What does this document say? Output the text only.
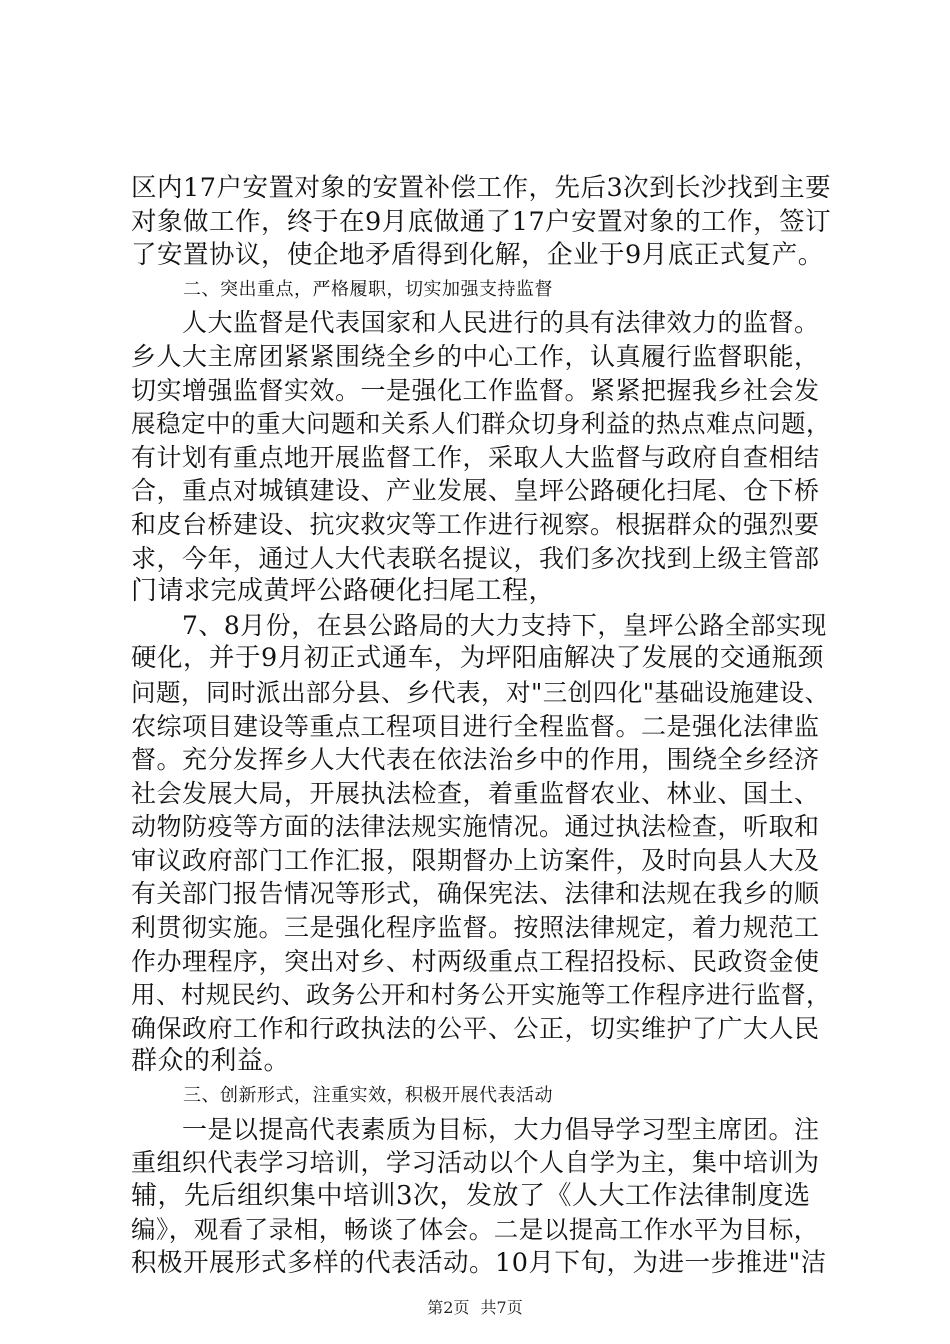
区内17户安置对象的安置补偿工作，先后3次到长沙找到主要
对象做工作，终于在9月底做通了17户安置对象的工作，签订
了安置协议，使企地矛盾得到化解，企业于9月底正式复产。
二、突出重点，严格履职，切实加强支持监督
　　人大监督是代表国家和人民进行的具有法律效力的监督。
乡人大主席团紧紧围绕全乡的中心工作，认真履行监督职能，
切实增强监督实效。一是强化工作监督。紧紧把握我乡社会发
展稳定中的重大问题和关系人们群众切身利益的热点难点问题，
有计划有重点地开展监督工作，采取人大监督与政府自查相结
合，重点对城镇建设、产业发展、皇坪公路硬化扫尾、仓下桥
和皮台桥建设、抗灾救灾等工作进行视察。根据群众的强烈要
求，今年，通过人大代表联名提议，我们多次找到上级主管部
门请求完成黄坪公路硬化扫尾工程，
　　7、8月份，在县公路局的大力支持下，皇坪公路全部实现
硬化，并于9月初正式通车，为坪阳庙解决了发展的交通瓶颈
问题，同时派出部分县、乡代表，对"三创四化"基础设施建设、
农综项目建设等重点工程项目进行全程监督。二是强化法律监
督。充分发挥乡人大代表在依法治乡中的作用，围绕全乡经济
社会发展大局，开展执法检查，着重监督农业、林业、国土、
动物防疫等方面的法律法规实施情况。通过执法检查，听取和
审议政府部门工作汇报，限期督办上访案件，及时向县人大及
有关部门报告情况等形式，确保宪法、法律和法规在我乡的顺
利贯彻实施。三是强化程序监督。按照法律规定，着力规范工
作办理程序，突出对乡、村两级重点工程招投标、民政资金使
用、村规民约、政务公开和村务公开实施等工作程序进行监督，
确保政府工作和行政执法的公平、公正，切实维护了广大人民
群众的利益。
三、创新形式，注重实效，积极开展代表活动
　　一是以提高代表素质为目标，大力倡导学习型主席团。注
重组织代表学习培训，学习活动以个人自学为主，集中培训为
辅，先后组织集中培训3次，发放了《人大工作法律制度选
编》，观看了录相，畅谈了体会。二是以提高工作水平为目标，
积极开展形式多样的代表活动。10月下旬，为进一步推进"洁
第2页 共7页
